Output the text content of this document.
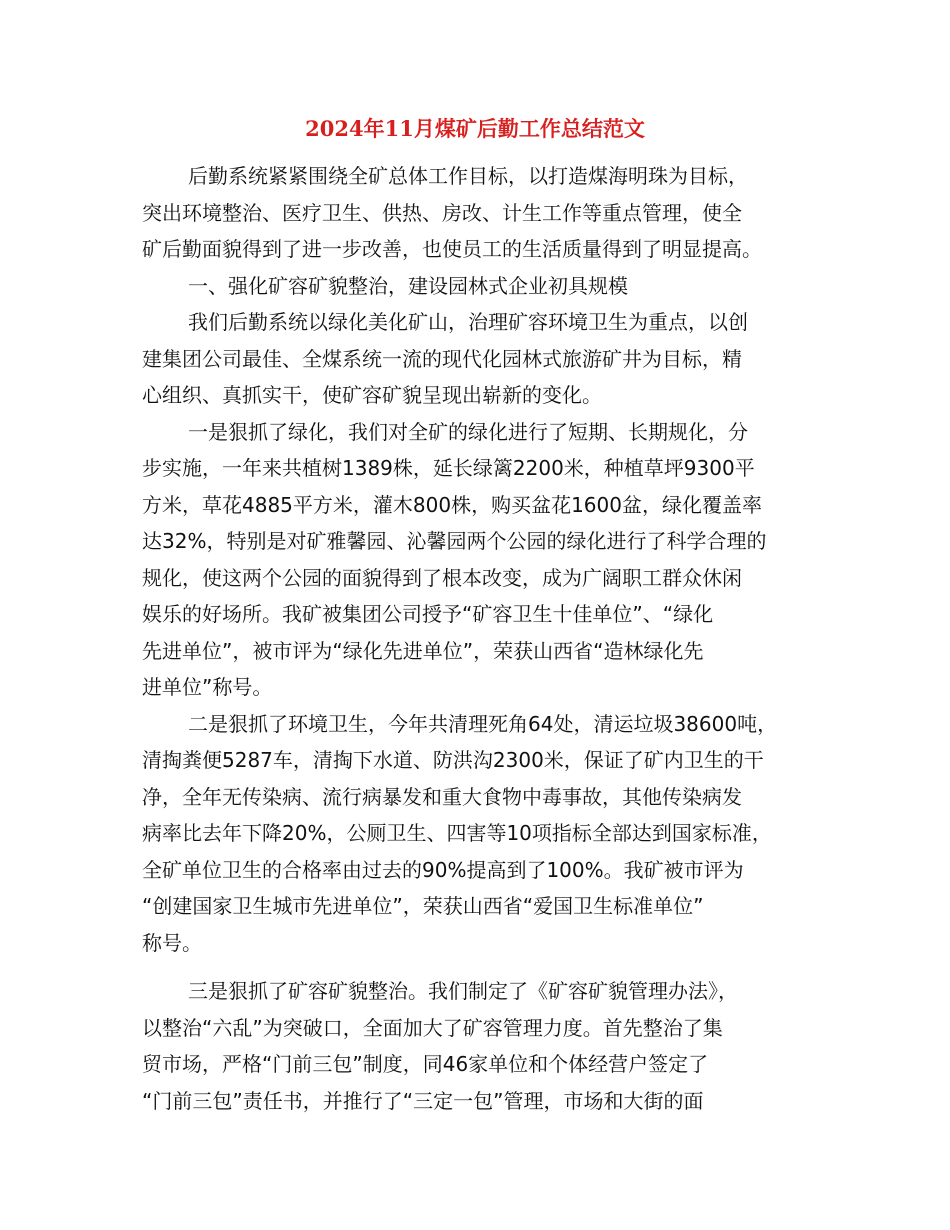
2024年11月煤矿后勤工作总结范文
后勤系统紧紧围绕全矿总体工作目标，以打造煤海明珠为目标，
突出环境整治、医疗卫生、供热、房改、计生工作等重点管理，使全
矿后勤面貌得到了进一步改善，也使员工的生活质量得到了明显提高。
一、强化矿容矿貌整治，建设园林式企业初具规模
我们后勤系统以绿化美化矿山，治理矿容环境卫生为重点，以创
建集团公司最佳、全煤系统一流的现代化园林式旅游矿井为目标，精
心组织、真抓实干，使矿容矿貌呈现出崭新的变化。
一是狠抓了绿化，我们对全矿的绿化进行了短期、长期规化，分
步实施，一年来共植树1389株，延长绿篱2200米，种植草坪9300平
方米，草花4885平方米，灌木800株，购买盆花1600盆，绿化覆盖率
达32%，特别是对矿雅馨园、沁馨园两个公园的绿化进行了科学合理的
规化，使这两个公园的面貌得到了根本改变，成为广阔职工群众休闲
娱乐的好场所。我矿被集团公司授予“矿容卫生十佳单位”、“绿化
先进单位”，被市评为“绿化先进单位”，荣获山西省“造林绿化先
进单位”称号。
二是狠抓了环境卫生，今年共清理死角64处，清运垃圾38600吨，
清掏粪便5287车，清掏下水道、防洪沟2300米，保证了矿内卫生的干
净，全年无传染病、流行病暴发和重大食物中毒事故，其他传染病发
病率比去年下降20%，公厕卫生、四害等10项指标全部达到国家标准，
全矿单位卫生的合格率由过去的90%提高到了100%。我矿被市评为
“创建国家卫生城市先进单位”，荣获山西省“爱国卫生标准单位”
称号。
三是狠抓了矿容矿貌整治。我们制定了《矿容矿貌管理办法》，
以整治“六乱”为突破口，全面加大了矿容管理力度。首先整治了集
贸市场，严格“门前三包”制度，同46家单位和个体经营户签定了
“门前三包”责任书，并推行了“三定一包”管理，市场和大街的面
